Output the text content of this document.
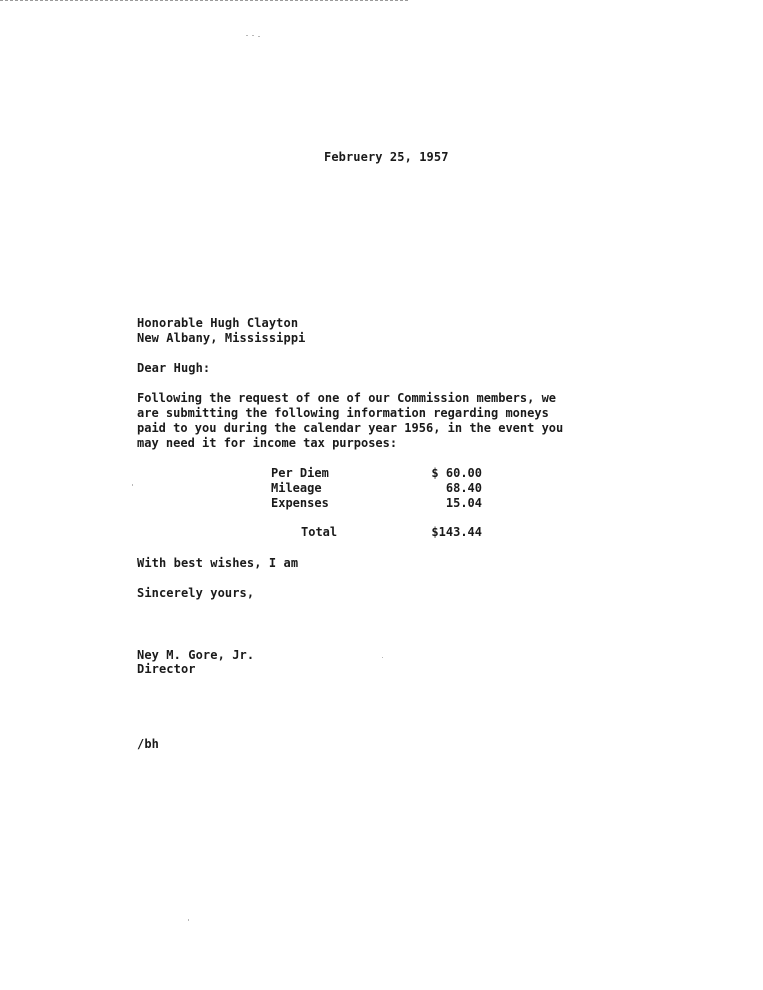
Februery 25, 1957
Honorable Hugh Clayton
New Albany, Mississippi
Dear Hugh:
Following the request of one of our Commission members, we
are submitting the following information regarding moneys
paid to you during the calendar year 1956, in the event you
may need it for income tax purposes:
Per Diem	$ 60.00
Mileage	68.40
Expenses	15.04
Total	$143.44
With best wishes, I am
Sincerely yours,
Ney M. Gore, Jr.
Director
/bh
